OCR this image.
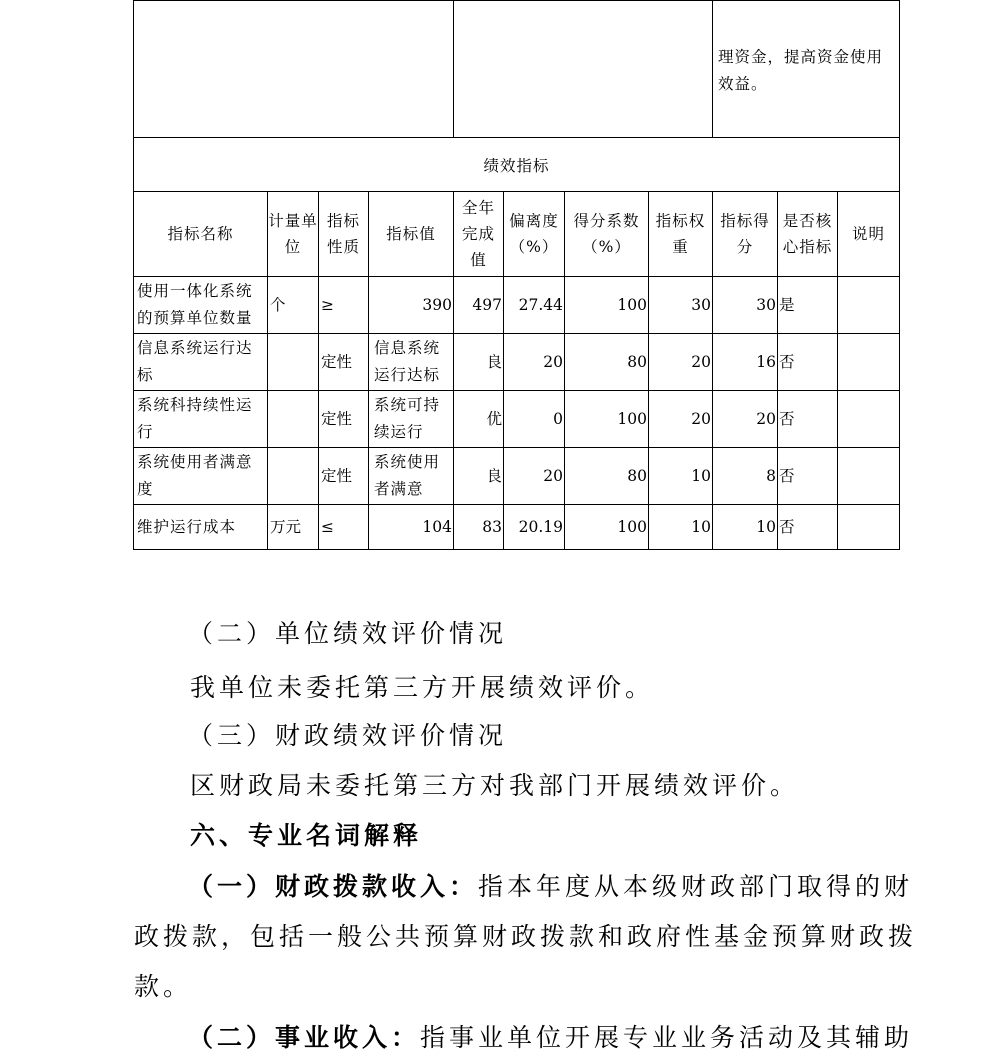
								理资金，提高资金使用效益。		

绩效指标										
指标名称	计量单位	指标性质	指标值	全年完成值	偏离度（%）	得分系数（%）	指标权重	指标得分	是否核心指标	说明
使用一体化系统的预算单位数量	个	≥	390	497	27.44	100	30	30	是	
信息系统运行达标		定性	信息系统运行达标	良	20	80	20	16	否	
系统科持续性运行		定性	系统可持续运行	优	0	100	20	20	否	
系统使用者满意度		定性	系统使用者满意	良	20	80	10	8	否	
维护运行成本	万元	≤	104	83	20.19	100	10	10	否	
（二）单位绩效评价情况
我单位未委托第三方开展绩效评价。
（三）财政绩效评价情况
区财政局未委托第三方对我部门开展绩效评价。
六、专业名词解释
（一）财政拨款收入：指本年度从本级财政部门取得的财
政拨款，包括一般公共预算财政拨款和政府性基金预算财政拨
款。
（二）事业收入：指事业单位开展专业业务活动及其辅助
